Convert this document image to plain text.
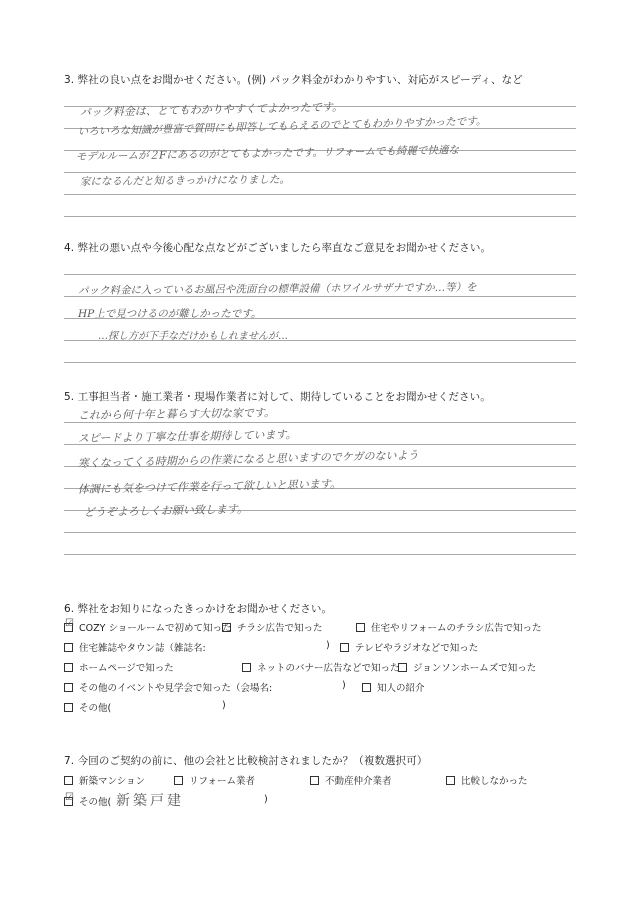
3. 弊社の良い点をお聞かせください。(例) パック料金がわかりやすい、対応がスピーディ、など
パック料金は、とてもわかりやすくてよかったです。
いろいろな知識が豊富で質問にも即答してもらえるのでとてもわかりやすかったです。
モデルルームが２Fにあるのがとてもよかったです。リフォームでも綺麗で快適な
家になるんだと知るきっかけになりました。
4. 弊社の悪い点や今後心配な点などがございましたら率直なご意見をお聞かせください。
パック料金に入っているお風呂や洗面台の標準設備（ホワイルサザナですか…等）を
HP上で見つけるのが難しかったです。
…探し方が下手なだけかもしれませんが…
5. 工事担当者・施工業者・現場作業者に対して、期待していることをお聞かせください。
これから何十年と暮らす大切な家です。
スピードより丁寧な仕事を期待しています。
寒くなってくる時期からの作業になると思いますのでケガのないよう
体調にも気をつけて作業を行って欲しいと思います。
どうぞよろしくお願い致します。
6. 弊社をお知りになったきっかけをお聞かせください。
☑ COZY ショールームで初めて知った チラシ広告で知った	住宅やリフォームのチラシ広告で知った
住宅雑誌やタウン誌（雑誌名:	)	テレビやラジオなどで知った
ホームページで知った	ネットのバナー広告などで知った ジョンソンホームズで知った
その他のイベントや見学会で知った（会場名:	)	知人の紹介
その他(	)
7. 今回のご契約の前に、他の会社と比較検討されましたか？（複数選択可）
新築マンション	リフォーム業者	不動産仲介業者	比較しなかった
☑ その他( 新築戸建	)
